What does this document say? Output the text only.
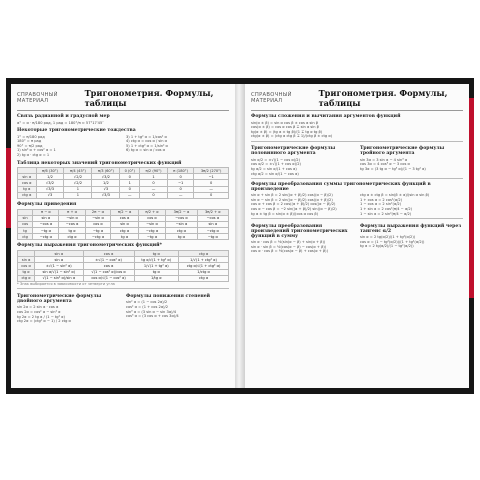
СПРАВОЧНЫЙ МАТЕРИАЛ
Тригонометрия. Формулы, таблицы
Связь радианной и градусной мер
α° = α · π/180 рад, 1 рад = 180°/π ≈ 57°17′45″
Некоторые тригонометрические тождества
1° = π/180 рад
180° = π рад
90° = π/2 рад
1) sin² α + cos² α = 1
2) tg α · ctg α = 1
3) 1 + tg² α = 1/cos² α
4) ctg α = cos α / sin α
5) 1 + ctg² α = 1/sin² α
6) tg α = sin α / cos α
Таблица некоторых значений тригонометрических функций
	π/6 (30°)	π/4 (45°)	π/3 (60°)	0 (0°)	π/2 (90°)	π (180°)	3π/2 (270°)
sin α	1/2	√2/2	√3/2	0	1	0	−1
cos α	√3/2	√2/2	1/2	1	0	−1	0
tg α	√3/3	1	√3	0	—	0	—
ctg α	√3	1	√3/3	—	0	—	0
Формулы приведения
	π − α	π + α	2π − α	π/2 − α	π/2 + α	3π/2 − α	3π/2 + α
sin	sin α	−sin α	−sin α	cos α	cos α	−cos α	−cos α
cos	−cos α	−cos α	cos α	sin α	−sin α	−sin α	sin α
tg	−tg α	tg α	−tg α	ctg α	−ctg α	ctg α	−ctg α
ctg	−ctg α	ctg α	−ctg α	tg α	−tg α	tg α	−tg α
Формулы выражения тригонометрических функций*
	sin α	cos α	tg α	ctg α
sin α	sin α	±√(1 − cos² α)	tg α/√(1 + tg² α)	1/√(1 + ctg² α)
cos α	±√(1 − sin² α)	cos α	1/√(1 + tg² α)	ctg α/√(1 + ctg² α)
tg α	sin α/√(1 − sin² α)	√(1 − cos² α)/cos α	tg α	1/ctg α
ctg α	√(1 − sin² α)/sin α	cos α/√(1 − cos² α)	1/tg α	ctg α
* Знак выбирается в зависимости от четверти угла
Тригонометрические формулы двойного аргумента
sin 2α = 2 sin α · cos α
cos 2α = cos² α − sin² α
tg 2α = 2 tg α / (1 − tg² α)
ctg 2α = (ctg² α − 1) / 2 ctg α
Формулы понижения степеней
sin² α = (1 − cos 2α)/2
cos² α = (1 + cos 2α)/2
sin³ α = (3 sin α − sin 3α)/4
cos³ α = (3 cos α + cos 3α)/4
СПРАВОЧНЫЙ МАТЕРИАЛ
Тригонометрия. Формулы, таблицы
Формулы сложения и вычитания аргументов функций
sin(α ± β) = sin α cos β ± cos α sin β
cos(α ± β) = cos α cos β ∓ sin α sin β
tg(α ± β) = (tg α ± tg β)/(1 ∓ tg α tg β)
ctg(α ± β) = (ctg α ctg β ∓ 1)/(ctg β ± ctg α)
Тригонометрические формулы половинного аргумента
sin α/2 = ±√((1 − cos α)/2)
cos α/2 = ±√((1 + cos α)/2)
tg α/2 = sin α/(1 + cos α)
ctg α/2 = sin α/(1 − cos α)
Тригонометрические формулы тройного аргумента
sin 3α = 3 sin α − 4 sin³ α
cos 3α = 4 cos³ α − 3 cos α
tg 3α = (3 tg α − tg³ α)/(1 − 3 tg² α)
Формулы преобразования суммы тригонометрических функций в произведение
sin α + sin β = 2 sin((α + β)/2) cos((α − β)/2)
sin α − sin β = 2 sin((α − β)/2) cos((α + β)/2)
cos α + cos β = 2 cos((α + β)/2) cos((α − β)/2)
cos α − cos β = −2 sin((α + β)/2) sin((α − β)/2)
tg α ± tg β = sin(α ± β)/(cos α cos β)
ctg α ± ctg β = sin(β ± α)/(sin α sin β)
1 + cos α = 2 cos²(α/2)
1 − cos α = 2 sin²(α/2)
1 + sin α = 2 cos²(π/4 − α/2)
1 − sin α = 2 sin²(π/4 − α/2)
Формулы преобразования произведений тригонометрических функций в сумму
sin α · cos β = ½(sin(α − β) + sin(α + β))
sin α · sin β = ½(cos(α − β) − cos(α + β))
cos α · cos β = ½(cos(α − β) + cos(α + β))
Формулы выражения функций через тангенс α/2
sin α = 2 tg(α/2)/(1 + tg²(α/2))
cos α = (1 − tg²(α/2))/(1 + tg²(α/2))
tg α = 2 tg(α/2)/(1 − tg²(α/2))
